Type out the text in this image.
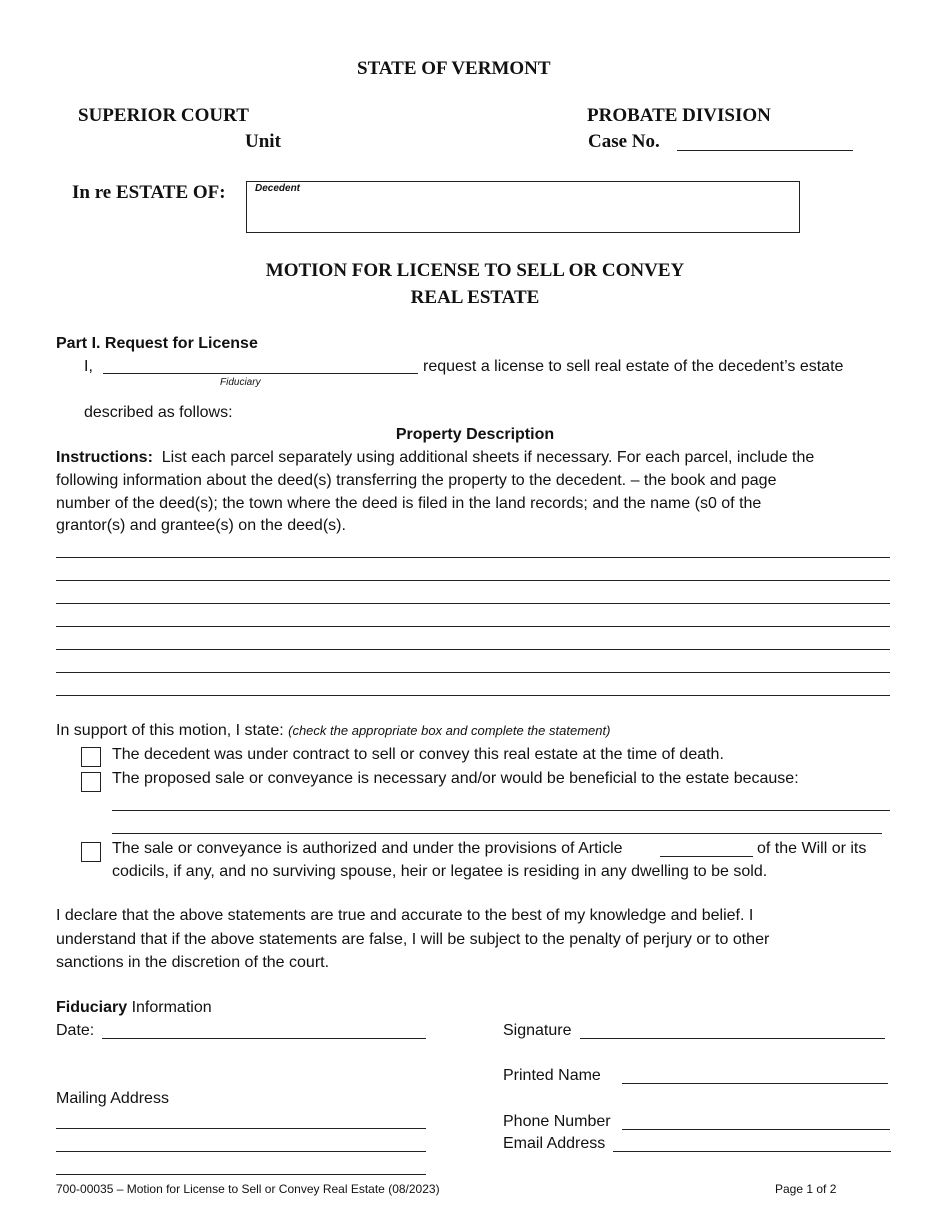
STATE OF VERMONT
SUPERIOR COURT
Unit
PROBATE DIVISION
Case No.
In re ESTATE OF:	Decedent
MOTION FOR LICENSE TO SELL OR CONVEY
REAL ESTATE
Part I. Request for License
I,	request a license to sell real estate of the decedent’s estate
Fiduciary
described as follows:
Property Description
Instructions: List each parcel separately using additional sheets if necessary. For each parcel, include the
following information about the deed(s) transferring the property to the decedent. – the book and page
number of the deed(s); the town where the deed is filed in the land records; and the name (s0 of the
grantor(s) and grantee(s) on the deed(s).
In support of this motion, I state: (check the appropriate box and complete the statement)
The decedent was under contract to sell or convey this real estate at the time of death.
The proposed sale or conveyance is necessary and/or would be beneficial to the estate because:
The sale or conveyance is authorized and under the provisions of Article	of the Will or its
codicils, if any, and no surviving spouse, heir or legatee is residing in any dwelling to be sold.
I declare that the above statements are true and accurate to the best of my knowledge and belief. I
understand that if the above statements are false, I will be subject to the penalty of perjury or to other
sanctions in the discretion of the court.
Fiduciary Information
Date:	Signature
Printed Name
Mailing Address
Phone Number
Email Address
700-00035 – Motion for License to Sell or Convey Real Estate (08/2023)	Page 1 of 2
